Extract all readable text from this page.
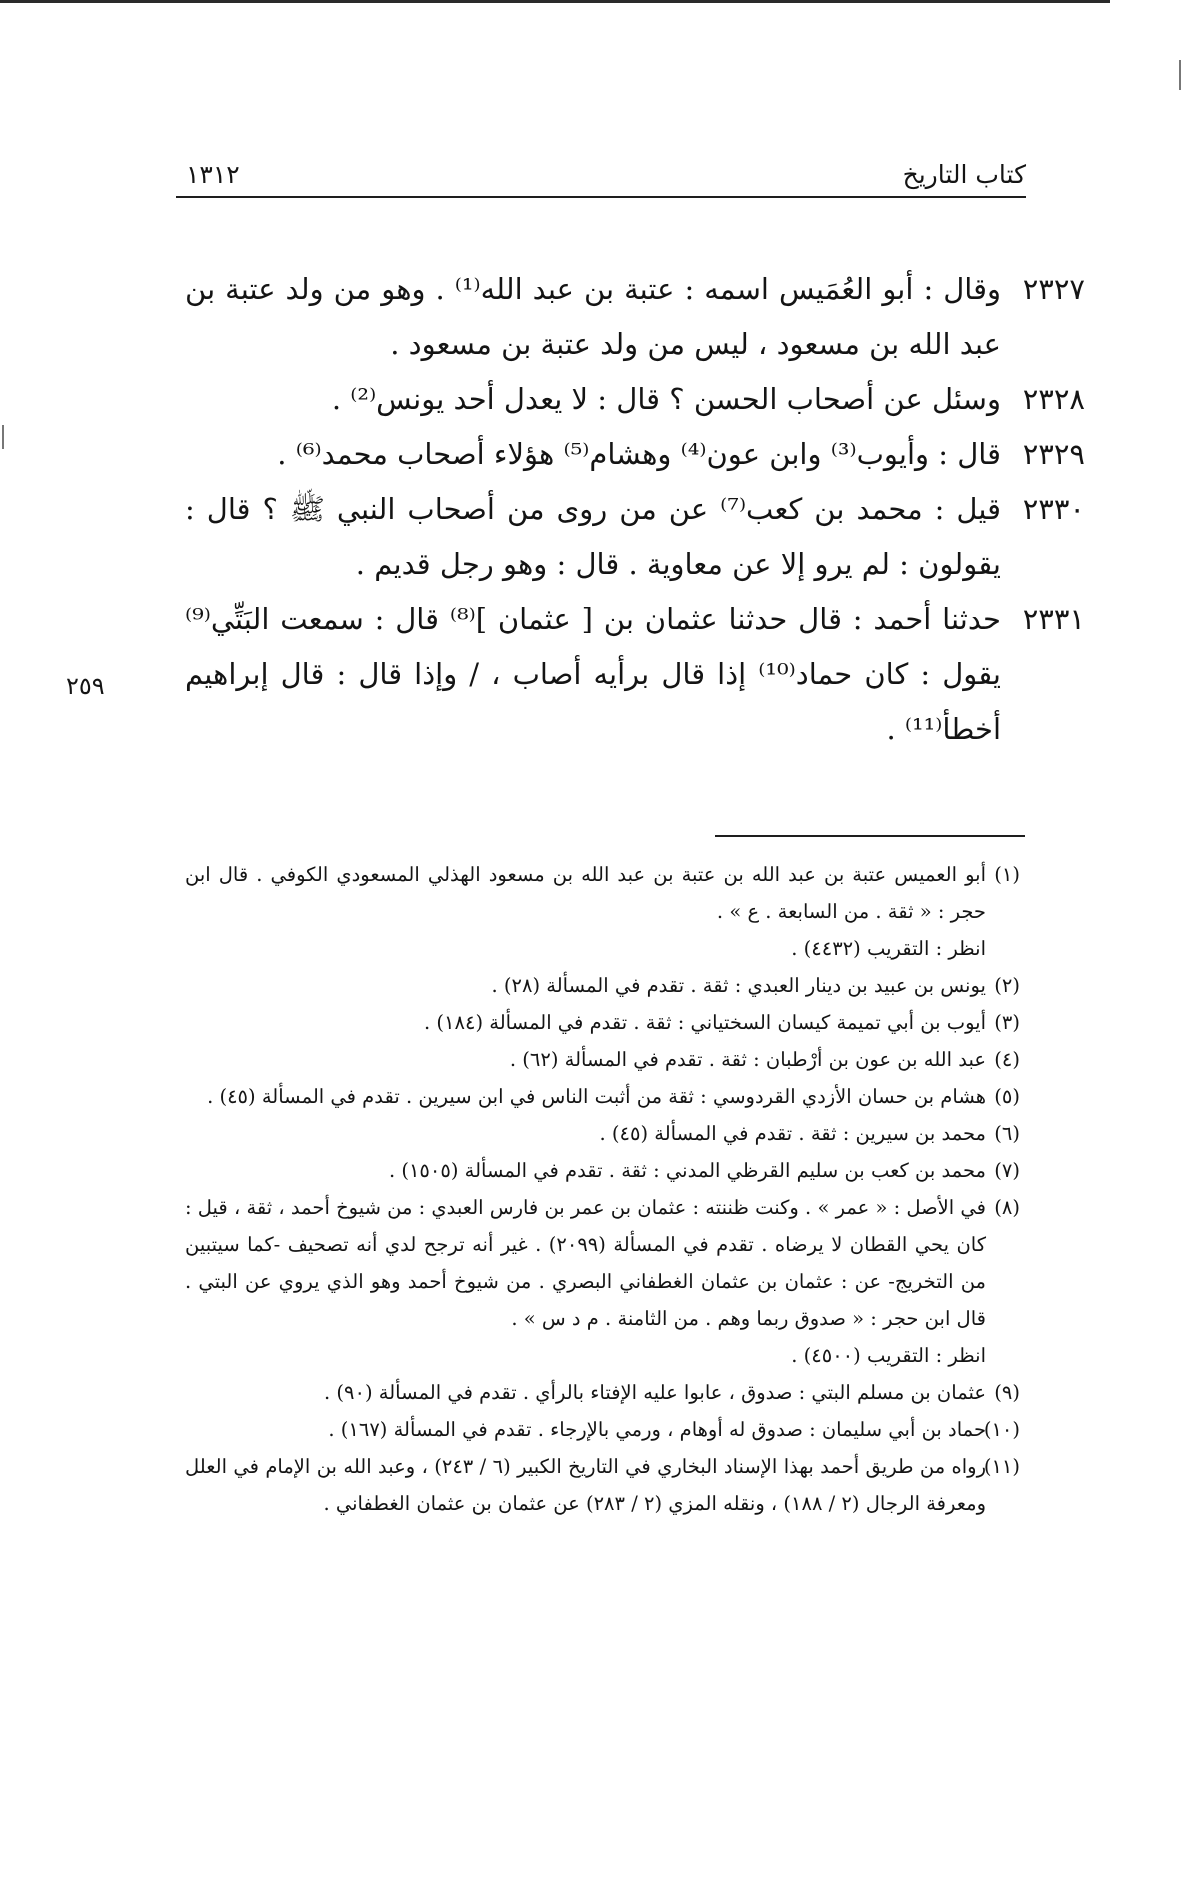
كتاب التاريخ
١٣١٢
٢٣٢٧
وقال : أبو العُمَيس اسمه : عتبة بن عبد الله⁽¹⁾ . وهو من ولد عتبة بن عبد الله بن مسعود ، ليس من ولد عتبة بن مسعود .
٢٣٢٨
وسئل عن أصحاب الحسن ؟ قال : لا يعدل أحد يونس⁽²⁾ .
٢٣٢٩
قال : وأيوب⁽³⁾ وابن عون⁽⁴⁾ وهشام⁽⁵⁾ هؤلاء أصحاب محمد⁽⁶⁾ .
٢٣٣٠
قيل : محمد بن كعب⁽⁷⁾ عن من روى من أصحاب النبي ﷺ ؟ قال : يقولون : لم يرو إلا عن معاوية . قال : وهو رجل قديم .
٢٣٣١
حدثنا أحمد : قال حدثنا عثمان بن [ عثمان ]⁽⁸⁾ قال : سمعت البَتِّي⁽⁹⁾ يقول : كان حماد⁽¹⁰⁾ إذا قال برأيه أصاب ، / وإذا قال : قال إبراهيم أخطأ⁽¹¹⁾ .
٢٥٩
(١)
أبو العميس عتبة بن عبد الله بن عتبة بن عبد الله بن مسعود الهذلي المسعودي الكوفي . قال ابن حجر : « ثقة . من السابعة . ع » .
انظر : التقريب (٤٤٣٢) .
(٢)
يونس بن عبيد بن دينار العبدي : ثقة . تقدم في المسألة (٢٨) .
(٣)
أيوب بن أبي تميمة كيسان السختياني : ثقة . تقدم في المسألة (١٨٤) .
(٤)
عبد الله بن عون بن أرْطبان : ثقة . تقدم في المسألة (٦٢) .
(٥)
هشام بن حسان الأزدي القردوسي : ثقة من أثبت الناس في ابن سيرين . تقدم في المسألة (٤٥) .
(٦)
محمد بن سيرين : ثقة . تقدم في المسألة (٤٥) .
(٧)
محمد بن كعب بن سليم القرظي المدني : ثقة . تقدم في المسألة (١٥٠٥) .
(٨)
في الأصل : « عمر » . وكنت ظننته : عثمان بن عمر بن فارس العبدي : من شيوخ أحمد ، ثقة ، قيل : كان يحي القطان لا يرضاه . تقدم في المسألة (٢٠٩٩) . غير أنه ترجح لدي أنه تصحيف -كما سيتبين من التخريج- عن : عثمان بن عثمان الغطفاني البصري . من شيوخ أحمد وهو الذي يروي عن البتي . قال ابن حجر : « صدوق ربما وهم . من الثامنة . م د س » .
انظر : التقريب (٤٥٠٠) .
(٩)
عثمان بن مسلم البتي : صدوق ، عابوا عليه الإفتاء بالرأي . تقدم في المسألة (٩٠) .
(١٠)
حماد بن أبي سليمان : صدوق له أوهام ، ورمي بالإرجاء . تقدم في المسألة (١٦٧) .
(١١)
رواه من طريق أحمد بهذا الإسناد البخاري في التاريخ الكبير (٦ / ٢٤٣) ، وعبد الله بن الإمام في العلل ومعرفة الرجال (٢ / ١٨٨) ، ونقله المزي (٢ / ٢٨٣) عن عثمان بن عثمان الغطفاني .
